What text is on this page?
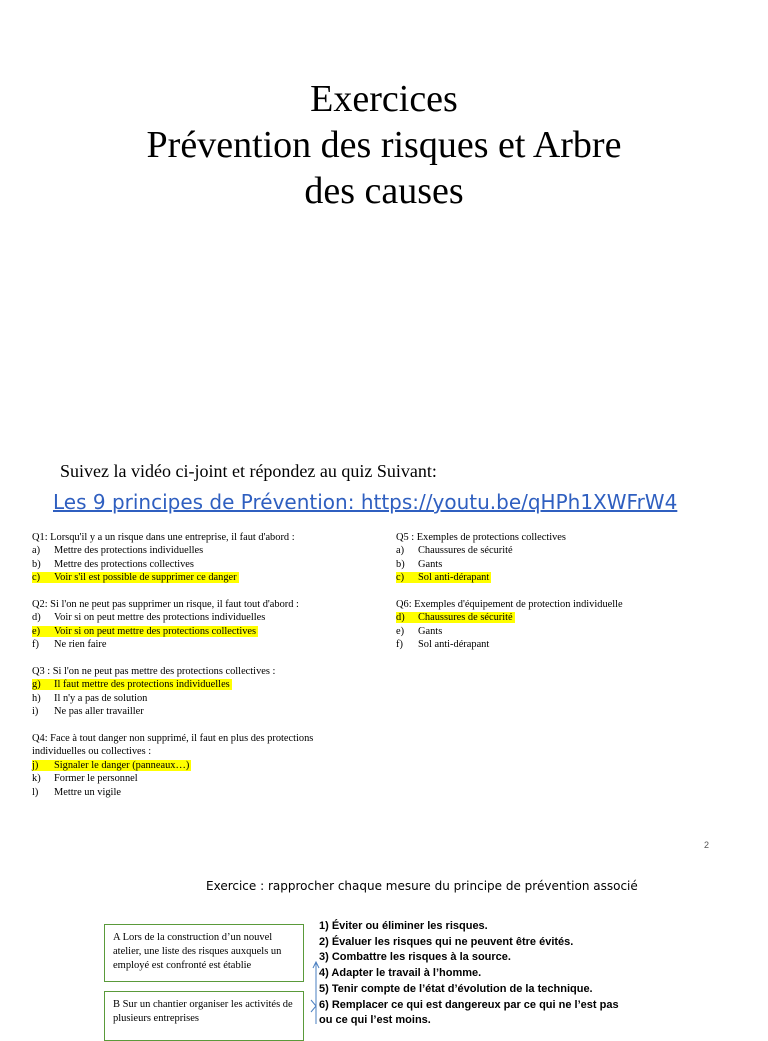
Exercices
Prévention des risques et Arbre
des causes
Suivez la vidéo ci-joint et répondez au quiz Suivant:
Les 9 principes de Prévention: https://youtu.be/qHPh1XWFrW4
Q1: Lorsqu'il y a un risque dans une entreprise, il faut d'abord :
a) Mettre des protections individuelles
b) Mettre des protections collectives
c) Voir s'il est possible de supprimer ce danger
Q2: Si l'on ne peut pas supprimer un risque, il faut tout d'abord :
d) Voir si on peut mettre des protections individuelles
e) Voir si on peut mettre des protections collectives
f) Ne rien faire
Q3 : Si l'on ne peut pas mettre des protections collectives :
g) Il faut mettre des protections individuelles
h) Il n'y a pas de solution
i) Ne pas aller travailler
Q4: Face à tout danger non supprimé, il faut en plus des protections individuelles ou collectives :
j) Signaler le danger (panneaux…)
k) Former le personnel
l) Mettre un vigile
Q5 : Exemples de protections collectives
a) Chaussures de sécurité
b) Gants
c) Sol anti-dérapant
Q6: Exemples d'équipement de protection individuelle
d) Chaussures de sécurité
e) Gants
f) Sol anti-dérapant
2
Exercice : rapprocher chaque mesure du principe de prévention associé
A Lors de la construction d’un nouvel atelier, une liste des risques auxquels un employé est confronté est établie
B Sur un chantier organiser les activités de plusieurs entreprises
1) Éviter ou éliminer les risques.
2) Évaluer les risques qui ne peuvent être évités.
3) Combattre les risques à la source.
4) Adapter le travail à l’homme.
5) Tenir compte de l’état d’évolution de la technique.
6) Remplacer ce qui est dangereux par ce qui ne l’est pas
ou ce qui l’est moins.
